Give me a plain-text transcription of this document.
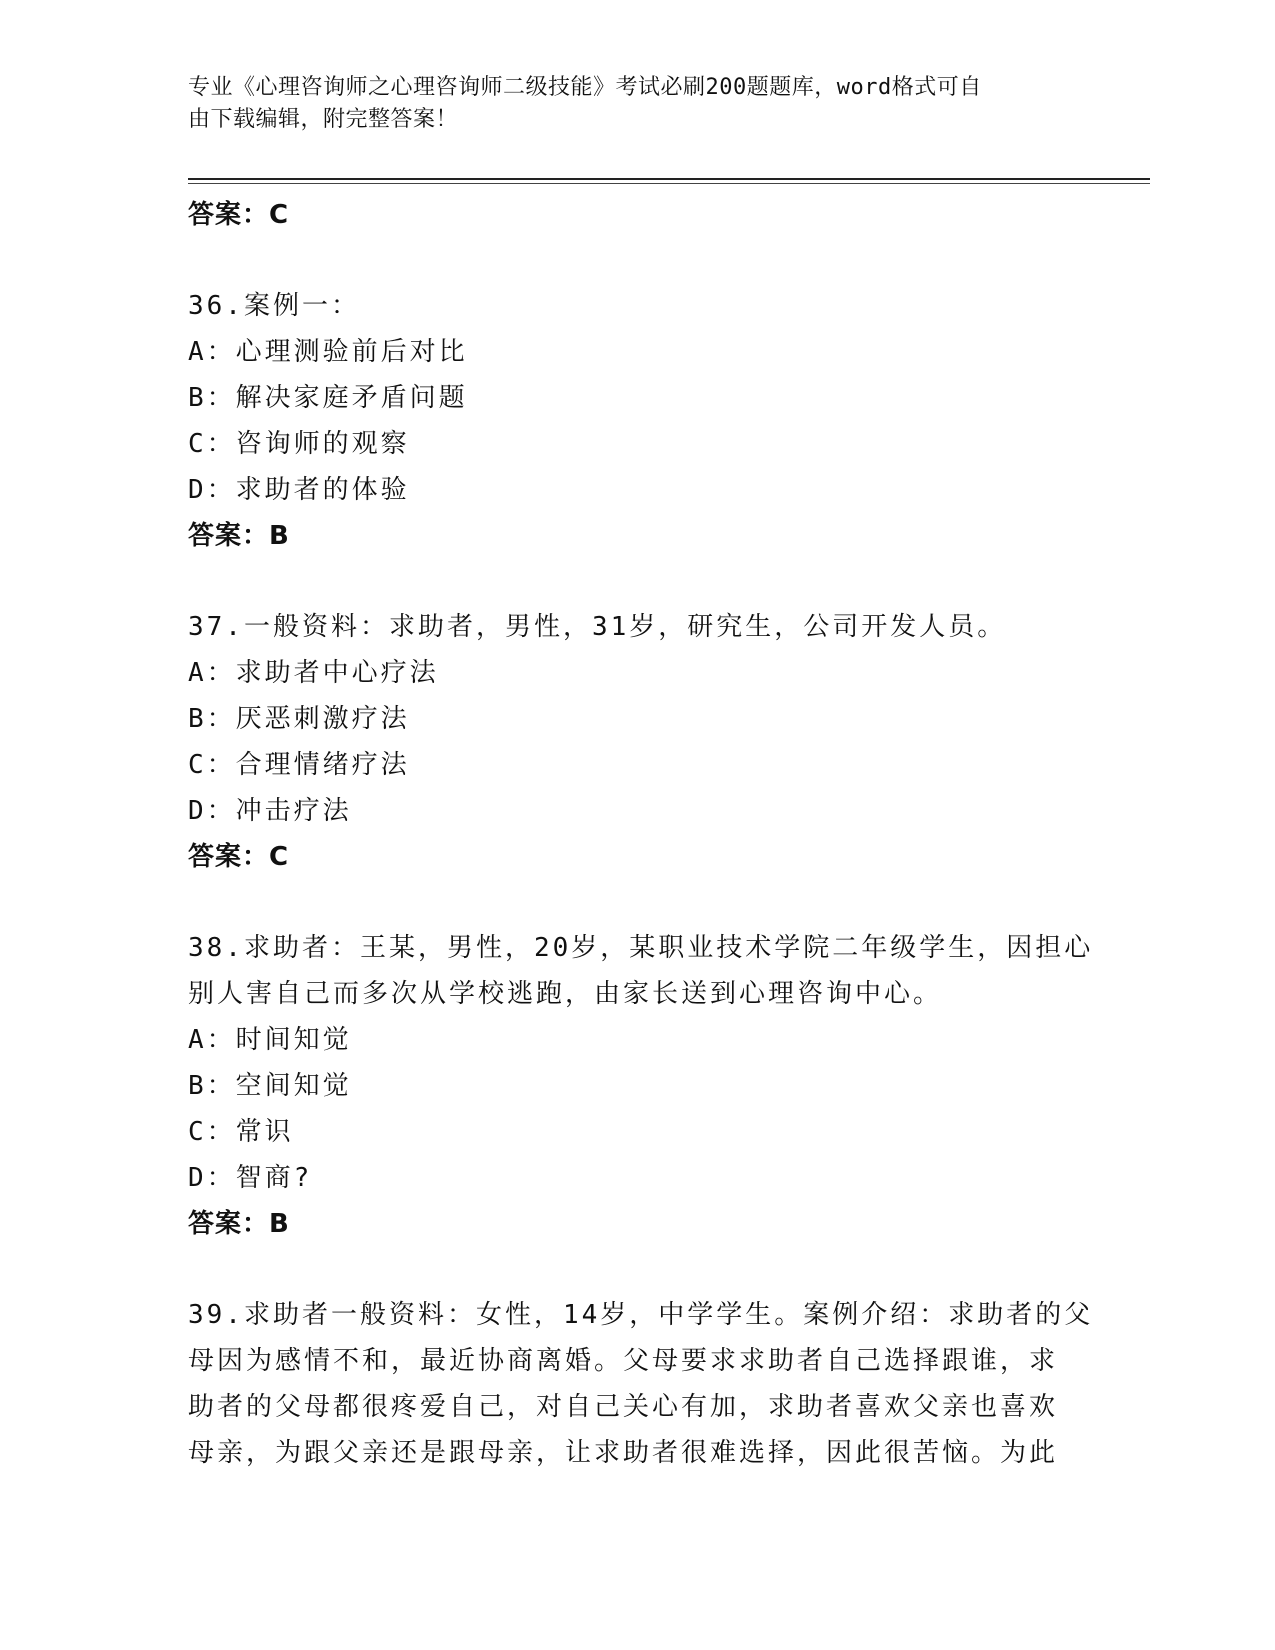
专业《心理咨询师之心理咨询师二级技能》考试必刷200题题库，word格式可自
由下载编辑，附完整答案！
答案：C
36.案例一：
A：心理测验前后对比
B：解决家庭矛盾问题
C：咨询师的观察
D：求助者的体验
答案：B
37.一般资料：求助者，男性，31岁，研究生，公司开发人员。
A：求助者中心疗法
B：厌恶刺激疗法
C：合理情绪疗法
D：冲击疗法
答案：C
38.求助者：王某，男性，20岁，某职业技术学院二年级学生，因担心
别人害自己而多次从学校逃跑，由家长送到心理咨询中心。
A：时间知觉
B：空间知觉
C：常识
D：智商?
答案：B
39.求助者一般资料：女性，14岁，中学学生。案例介绍：求助者的父
母因为感情不和，最近协商离婚。父母要求求助者自己选择跟谁，求
助者的父母都很疼爱自己，对自己关心有加，求助者喜欢父亲也喜欢
母亲，为跟父亲还是跟母亲，让求助者很难选择，因此很苦恼。为此
